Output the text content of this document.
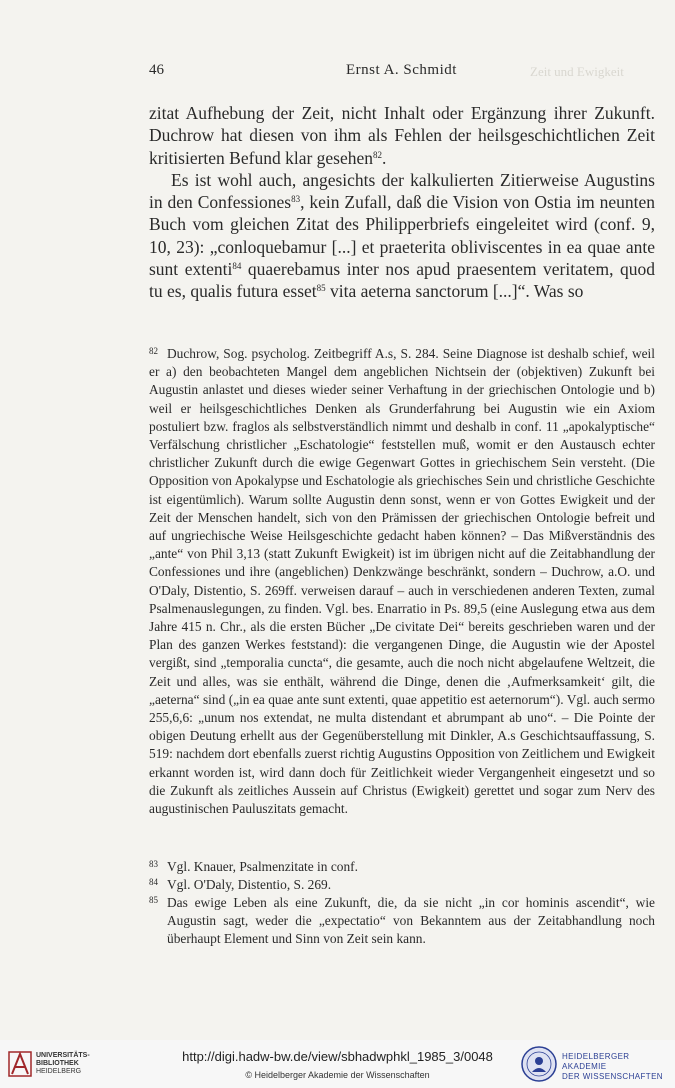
46	Ernst A. Schmidt	Zeit und Ewigkeit

zitat Aufhebung der Zeit, nicht Inhalt oder Ergänzung ihrer Zukunft. Duchrow hat diesen von ihm als Fehlen der heilsgeschichtlichen Zeit kritisierten Befund klar gesehen$^{82}$.

Es ist wohl auch, angesichts der kalkulierten Zitierweise Augustins in den Confessiones$^{83}$, kein Zufall, daß die Vision von Ostia im neunten Buch vom gleichen Zitat des Philipperbriefs eingeleitet wird (conf. 9, 10, 23): „conloquebamur [...] et praeterita obliviscentes in ea quae ante sunt extenti$^{84}$ quaerebamus inter nos apud praesentem veritatem, quod tu es, qualis futura esset$^{85}$ vita aeterna sanctorum [...]“. Was so

82 Duchrow, Sog. psycholog. Zeitbegriff A.s, S. 284. Seine Diagnose ist deshalb schief, weil er a) den beobachteten Mangel dem angeblichen Nichtsein der (objektiven) Zukunft bei Augustin anlastet und dieses wieder seiner Verhaftung in der griechischen Ontologie und b) weil er heilsgeschichtliches Denken als Grunderfahrung bei Augustin wie ein Axiom postuliert bzw. fraglos als selbstverständlich nimmt und deshalb in conf. 11 „apokalyptische“ Verfälschung christlicher „Eschatologie“ feststellen muß, womit er den Austausch echter christlicher Zukunft durch die ewige Gegenwart Gottes in griechischem Sein versteht. (Die Opposition von Apokalypse und Eschatologie als griechisches Sein und christliche Geschichte ist eigentümlich). Warum sollte Augustin denn sonst, wenn er von Gottes Ewigkeit und der Zeit der Menschen handelt, sich von den Prämissen der griechischen Ontologie befreit und auf ungriechische Weise Heilsgeschichte gedacht haben können? – Das Mißverständnis des „ante“ von Phil 3,13 (statt Zukunft Ewigkeit) ist im übrigen nicht auf die Zeitabhandlung der Confessiones und ihre (angeblichen) Denkzwänge beschränkt, sondern – Duchrow, a.O. und O'Daly, Distentio, S. 269ff. verweisen darauf – auch in verschiedenen anderen Texten, zumal Psalmenauslegungen, zu finden. Vgl. bes. Enarratio in Ps. 89,5 (eine Auslegung etwa aus dem Jahre 415 n. Chr., als die ersten Bücher „De civitate Dei“ bereits geschrieben waren und der Plan des ganzen Werkes feststand): die vergangenen Dinge, die Augustin wie der Apostel vergißt, sind „temporalia cuncta“, die gesamte, auch die noch nicht abgelaufene Weltzeit, die Zeit und alles, was sie enthält, während die Dinge, denen die ‚Aufmerksamkeit‘ gilt, die „aeterna“ sind („in ea quae ante sunt extenti, quae appetitio est aeternorum“). Vgl. auch sermo 255,6,6: „unum nos extendat, ne multa distendant et abrumpant ab uno“. – Die Pointe der obigen Deutung erhellt aus der Gegenüberstellung mit Dinkler, A.s Geschichtsauffassung, S. 519: nachdem dort ebenfalls zuerst richtig Augustins Opposition von Zeitlichem und Ewigkeit erkannt worden ist, wird dann doch für Zeitlichkeit wieder Vergangenheit eingesetzt und so die Zukunft als zeitliches Aussein auf Christus (Ewigkeit) gerettet und sogar zum Nerv des augustinischen Pauluszitats gemacht.
83 Vgl. Knauer, Psalmenzitate in conf.
84 Vgl. O'Daly, Distentio, S. 269.
85 Das ewige Leben als eine Zukunft, die, da sie nicht „in cor hominis ascendit“, wie Augustin sagt, weder die „expectatio“ von Bekanntem aus der Zeitabhandlung noch überhaupt Element und Sinn von Zeit sein kann.
UNIVERSITÄTS-
BIBLIOTHEK
HEIDELBERG
http://digi.hadw-bw.de/view/sbhadwphkl_1985_3/0048
© Heidelberger Akademie der Wissenschaften
HEIDELBERGER AKADEMIE
DER WISSENSCHAFTEN
